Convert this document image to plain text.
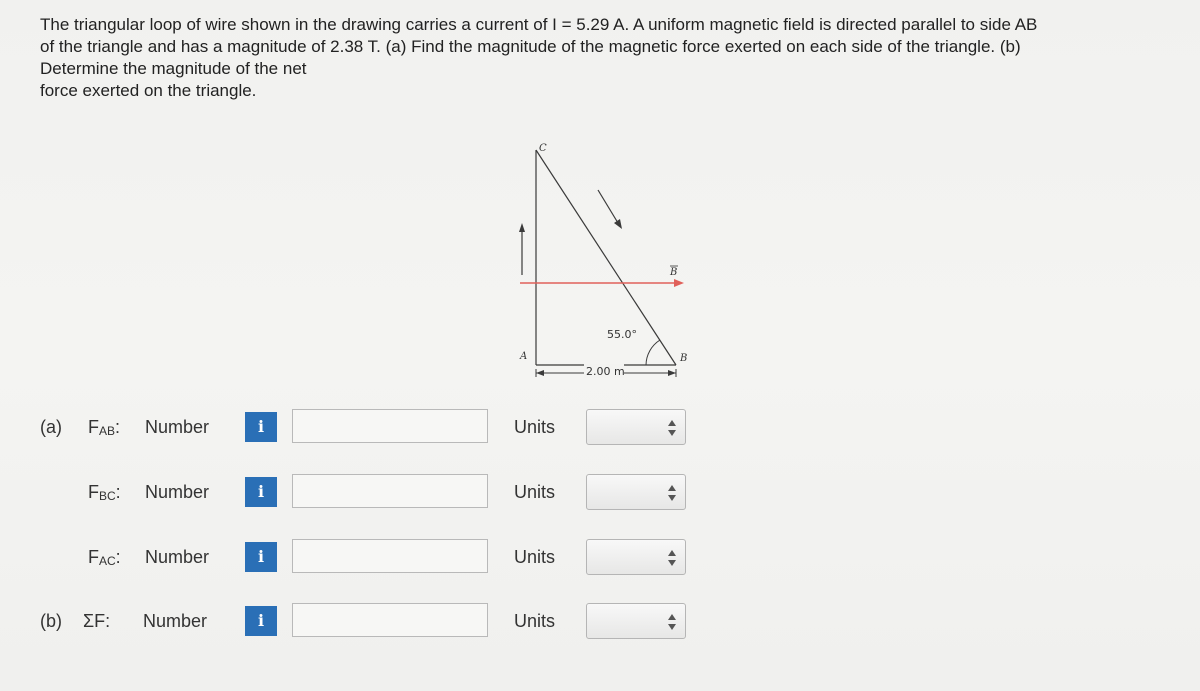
The triangular loop of wire shown in the drawing carries a current of I = 5.29 A. A uniform magnetic field is directed parallel to side AB

of the triangle and has a magnitude of 2.38 T. (a) Find the magnitude of the magnetic force exerted on each side of the triangle. (b)

Determine the magnitude of the net

force exerted on the triangle.

C
A	B
B
55.0°
2.00 m
(a) $F_{AB}$: Number	i	Units
$F_{BC}$: Number	i	Units
$F_{AC}$: Number	i	Units
(b) ΣF: Number	i	Units
